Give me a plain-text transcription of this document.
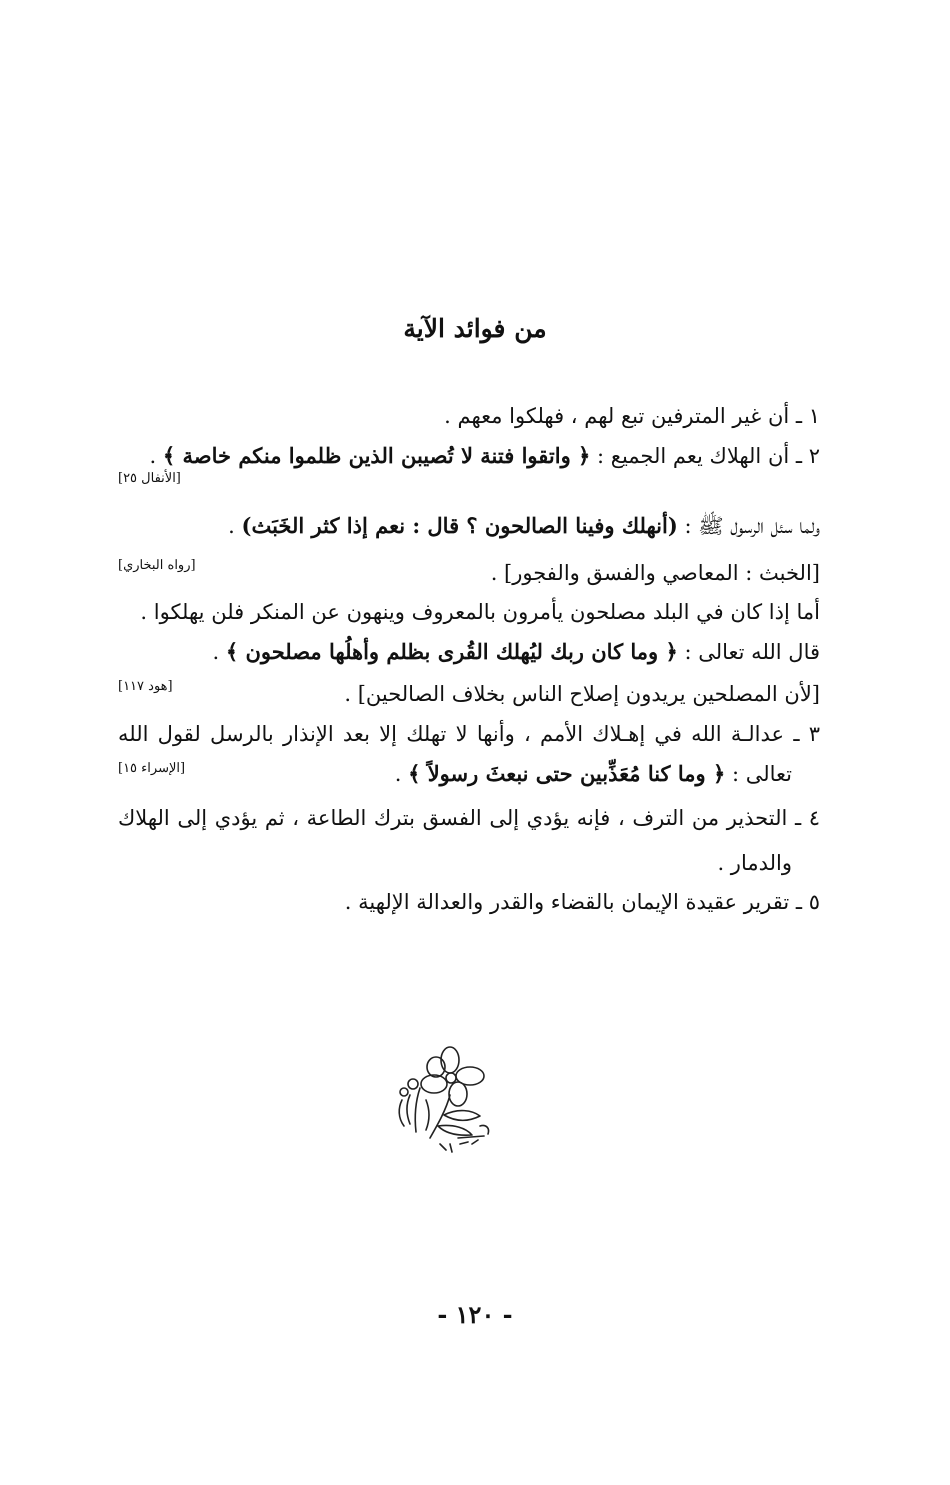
من فوائد الآية
١ ـ أن غير المترفين تبع لهم ، فهلكوا معهم .
٢ ـ أن الهلاك يعم الجميع : ﴿ واتقوا فتنة لا تُصيبن الذين ظلموا منكم خاصة ﴾ .
[الأنفال ٢٥]
ولما سئل الرسول ﷺ : (أنهلك وفينا الصالحون ؟ قال : نعم إذا كثر الخَبَث) .
[الخبث : المعاصي والفسق والفجور] .
[رواه البخاري]
أما إذا كان في البلد مصلحون يأمرون بالمعروف وينهون عن المنكر فلن يهلكوا .
قال الله تعالى : ﴿ وما كان ربك ليُهلك القُرى بظلم وأهلُها مصلحون ﴾ .
[لأن المصلحين يريدون إصلاح الناس بخلاف الصالحين] .
[هود ١١٧]
٣ ـ عدالـة الله في إهـلاك الأمم ، وأنها لا تهلك إلا بعد الإنذار بالرسل لقول الله
تعالى : ﴿ وما كنا مُعَذِّبين حتى نبعثَ رسولاً ﴾ .
[الإسراء ١٥]
٤ ـ التحذير من الترف ، فإنه يؤدي إلى الفسق بترك الطاعة ، ثم يؤدي إلى الهلاك
والدمار .
٥ ـ تقرير عقيدة الإيمان بالقضاء والقدر والعدالة الإلهية .
- ١٢٠ -
